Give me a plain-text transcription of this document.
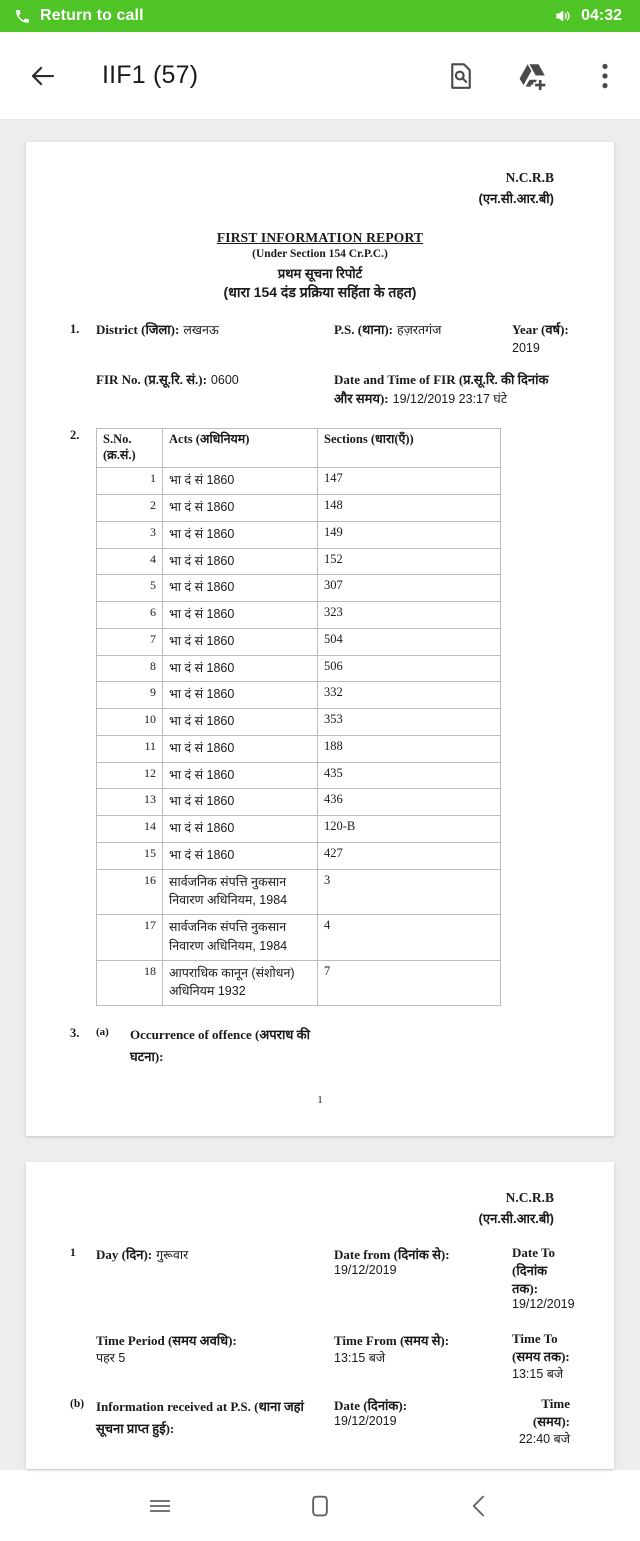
Return to call	04:32
IIF1 (57)
N.C.R.B
(एन.सी.आर.बी)
FIRST INFORMATION REPORT
(Under Section 154 Cr.P.C.)
प्रथम सूचना रिपोर्ट
(धारा 154 दंड प्रक्रिया सहिंता के तहत)
1.	District (जिला): लखनऊ	P.S. (थाना): हज़रतगंज	Year (वर्ष): 2019
FIR No. (प्र.सू.रि. सं.): 0600	Date and Time of FIR (प्र.सू.रि. की दिनांक और समय): 19/12/2019 23:17 घंटे
2.	S.No. (क्र.सं.)	Acts (अधिनियम)	Sections (धारा(एँ))
1	भा दं सं 1860	147
2	भा दं सं 1860	148
3	भा दं सं 1860	149
4	भा दं सं 1860	152
5	भा दं सं 1860	307
6	भा दं सं 1860	323
7	भा दं सं 1860	504
8	भा दं सं 1860	506
9	भा दं सं 1860	332
10	भा दं सं 1860	353
11	भा दं सं 1860	188
12	भा दं सं 1860	435
13	भा दं सं 1860	436
14	भा दं सं 1860	120-B
15	भा दं सं 1860	427
16	सार्वजनिक संपत्ति नुकसान निवारण अधिनियम, 1984	3
17	सार्वजनिक संपत्ति नुकसान निवारण अधिनियम, 1984	4
18	आपराधिक कानून (संशोधन) अधिनियम 1932	7
3.	(a)	Occurrence of offence (अपराध की घटना):
1
N.C.R.B
(एन.सी.आर.बी)
1	Day (दिन): गुरूवार	Date from (दिनांक से):
19/12/2019
Date To (दिनांक तक):
19/12/2019
Time Period (समय अवधि):
पहर 5
Time From (समय से):
13:15 बजे
Time To (समय तक):
13:15 बजे
(b) Information received at P.S. (थाना जहां सूचना प्राप्त हुई):
Date (दिनांक):
19/12/2019
Time (समय):
22:40 बजे
